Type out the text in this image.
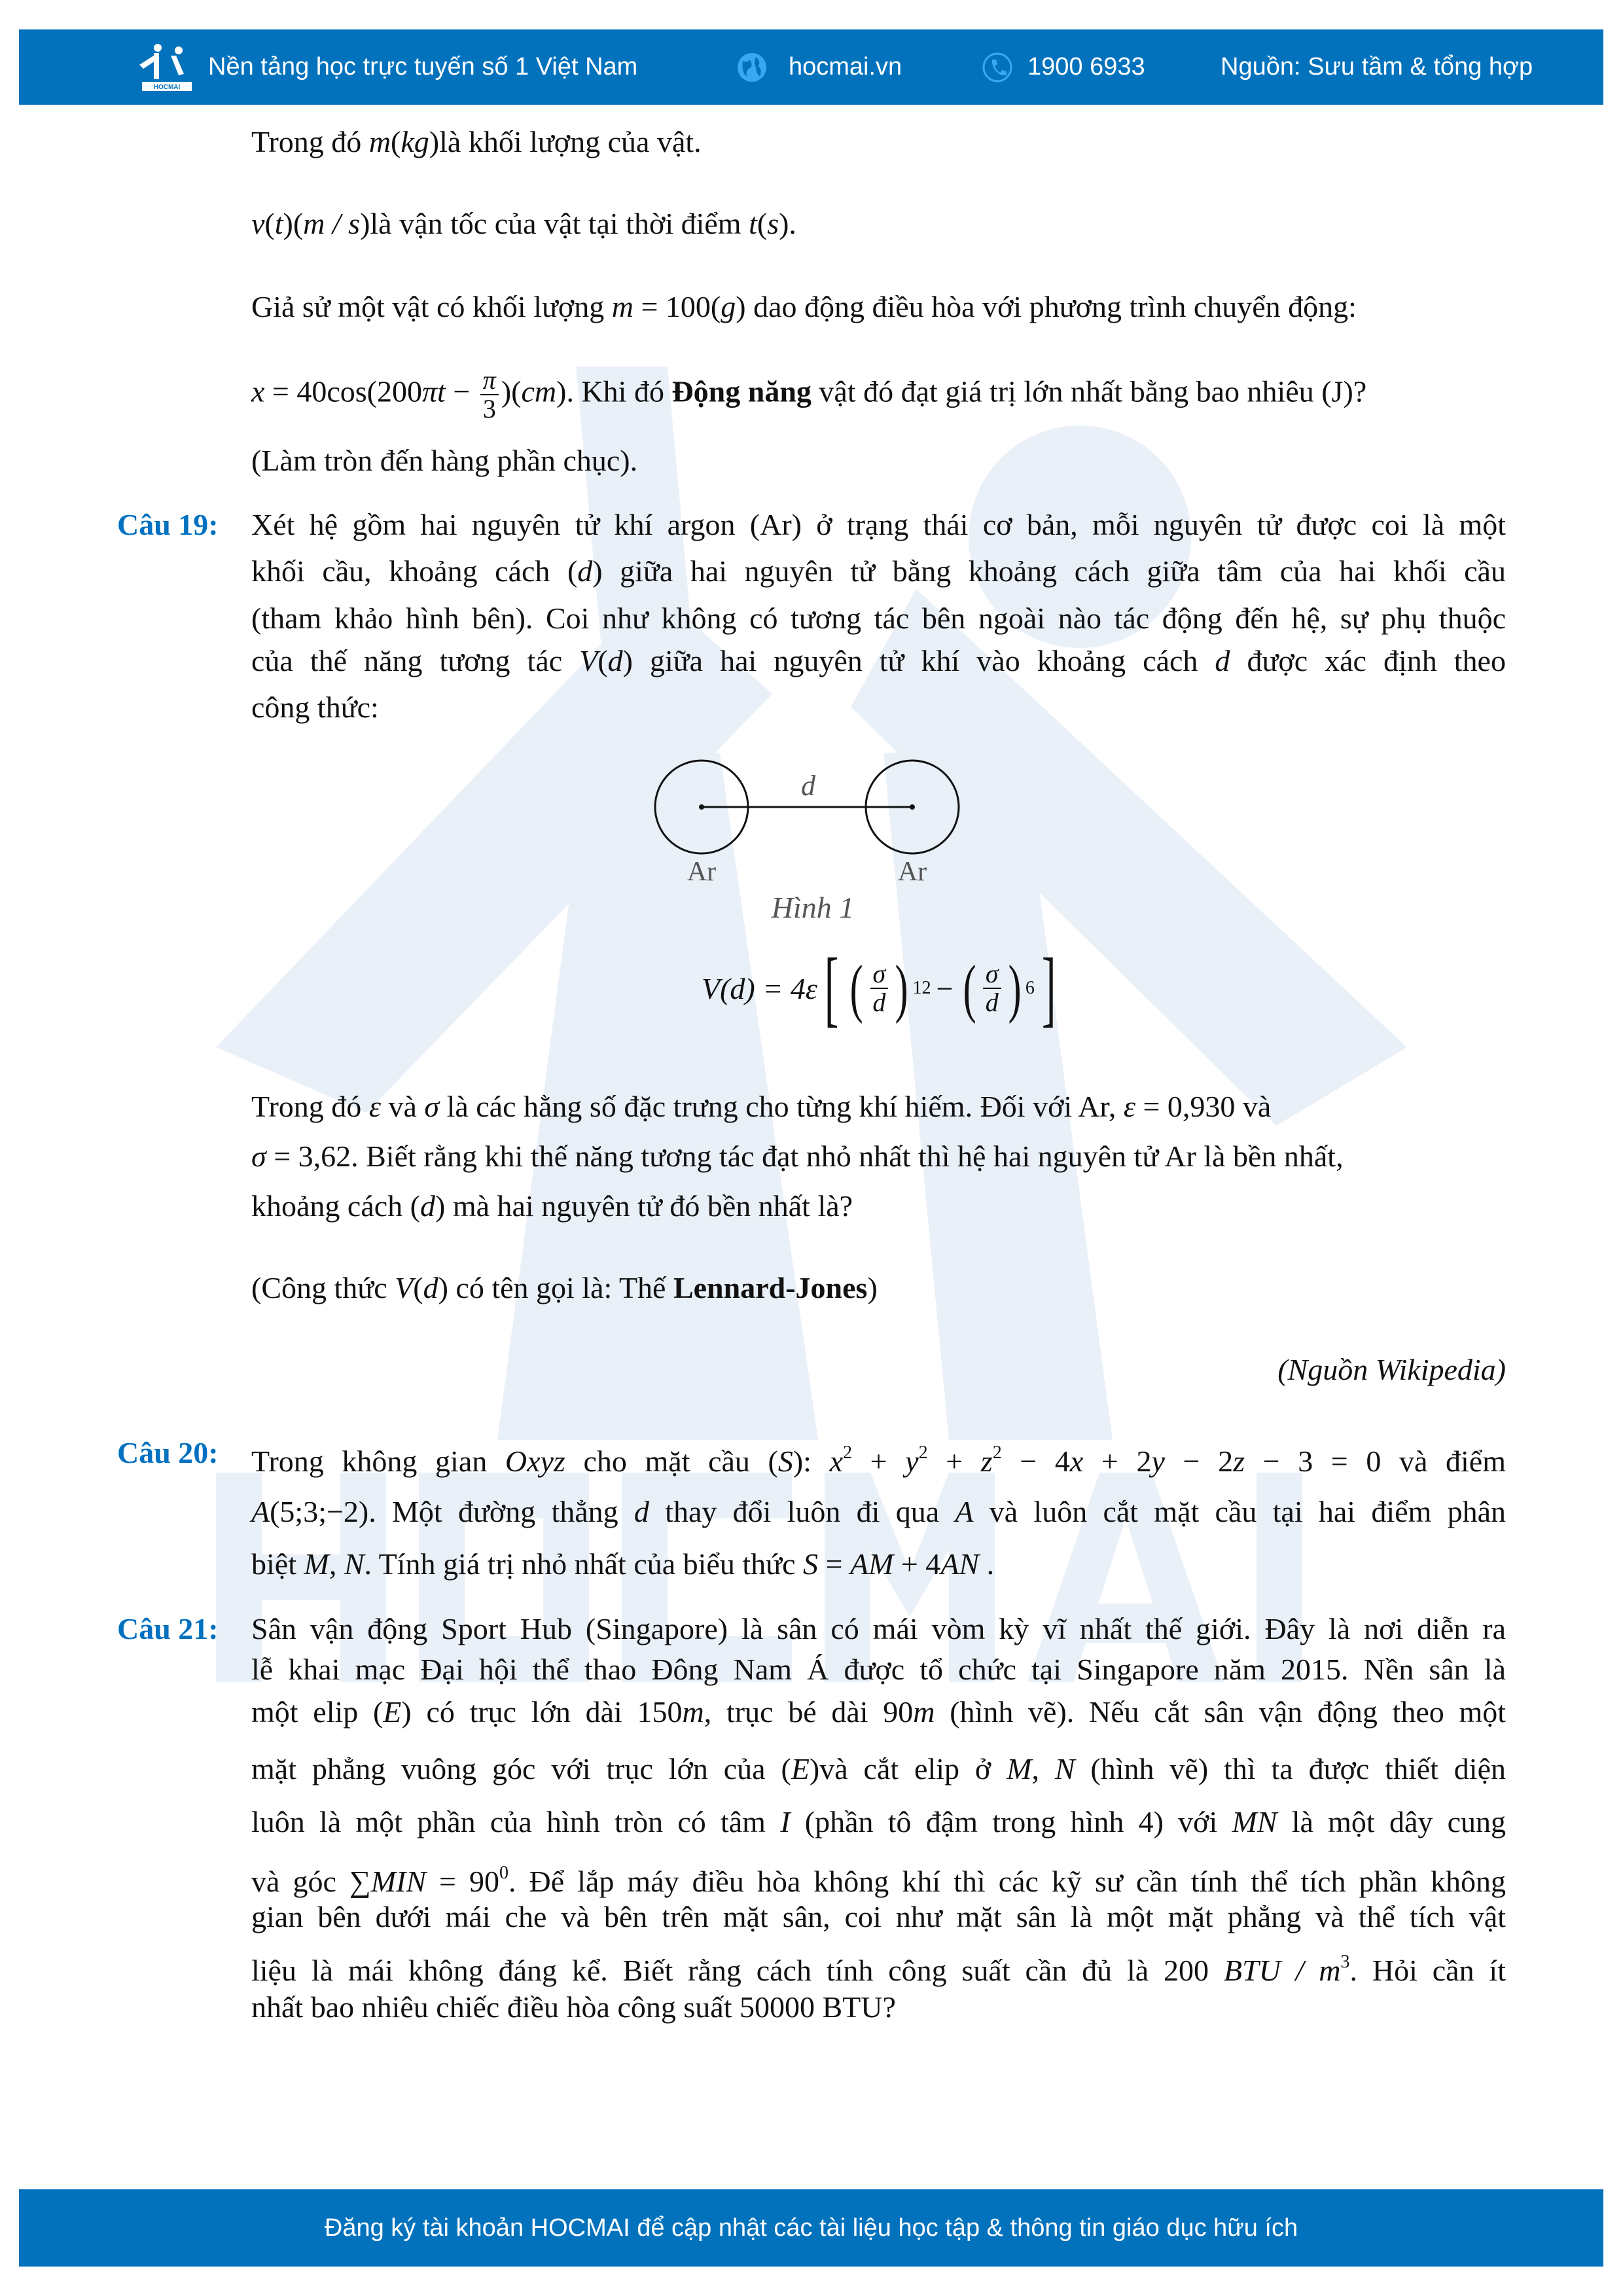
HOCMAI
Nền tảng học trực tuyến số 1 Việt Nam	hocmai.vn	1900 6933	Nguồn: Sưu tầm & tổng hợp
Trong đó m(kg)là khối lượng của vật.
v(t)(m / s)là vận tốc của vật tại thời điểm t(s).
Giả sử một vật có khối lượng m = 100(g) dao động điều hòa với phương trình chuyển động:
$x = 40\cos(200\pi t - \frac{\pi}{3} )(cm)$. Khi đó Động năng vật đó đạt giá trị lớn nhất bằng bao nhiêu (J)?
(Làm tròn đến hàng phần chục).
Xét hệ gồm hai nguyên tử khí argon (Ar) ở trạng thái cơ bản, mỗi nguyên tử được coi là một
khối cầu, khoảng cách (d) giữa hai nguyên tử bằng khoảng cách giữa tâm của hai khối cầu
(tham khảo hình bên). Coi như không có tương tác bên ngoài nào tác động đến hệ, sự phụ thuộc
của thế năng tương tác V(d) giữa hai nguyên tử khí vào khoảng cách d được xác định theo
công thức:
Trong đó ε và σ là các hằng số đặc trưng cho từng khí hiếm. Đối với Ar, ε = 0,930 và
σ = 3,62. Biết rằng khi thế năng tương tác đạt nhỏ nhất thì hệ hai nguyên tử Ar là bền nhất,
khoảng cách (d) mà hai nguyên tử đó bền nhất là?
(Công thức V(d) có tên gọi là: Thế Lennard-Jones)
(Nguồn Wikipedia)
Trong không gian Oxyz cho mặt cầu (S): $x^2 + y^2 + z^2 - 4x + 2y - 2z - 3 = 0$ và điểm
A(5;3;−2). Một đường thẳng d thay đổi luôn đi qua A và luôn cắt mặt cầu tại hai điểm phân
biệt M, N. Tính giá trị nhỏ nhất của biểu thức S = AM + 4AN .
Sân vận động Sport Hub (Singapore) là sân có mái vòm kỳ vĩ nhất thế giới. Đây là nơi diễn ra
lễ khai mạc Đại hội thể thao Đông Nam Á được tổ chức tại Singapore năm 2015. Nền sân là
một elip (E) có trục lớn dài 150m, trục bé dài 90m (hình vẽ). Nếu cắt sân vận động theo một
mặt phẳng vuông góc với trục lớn của (E)và cắt elip ở M, N (hình vẽ) thì ta được thiết diện
luôn là một phần của hình tròn có tâm I (phần tô đậm trong hình 4) với MN là một dây cung
và góc $\sum MIN = 90^0$. Để lắp máy điều hòa không khí thì các kỹ sư cần tính thể tích phần không
gian bên dưới mái che và bên trên mặt sân, coi như mặt sân là một mặt phẳng và thể tích vật
liệu là mái không đáng kể. Biết rằng cách tính công suất cần đủ là 200 BTU / $m^3$. Hỏi cần ít
nhất bao nhiêu chiếc điều hòa công suất 50000 BTU?
Câu 19:
Câu 20:
Câu 21:
d
Ar	Ar
Hình 1
V(d) = 4ε [ ( $\frac{\sigma}{d}$ ) 12 − ( $\frac{\sigma}{d}$ ) 6 ]
Đăng ký tài khoản HOCMAI để cập nhật các tài liệu học tập & thông tin giáo dục hữu ích
